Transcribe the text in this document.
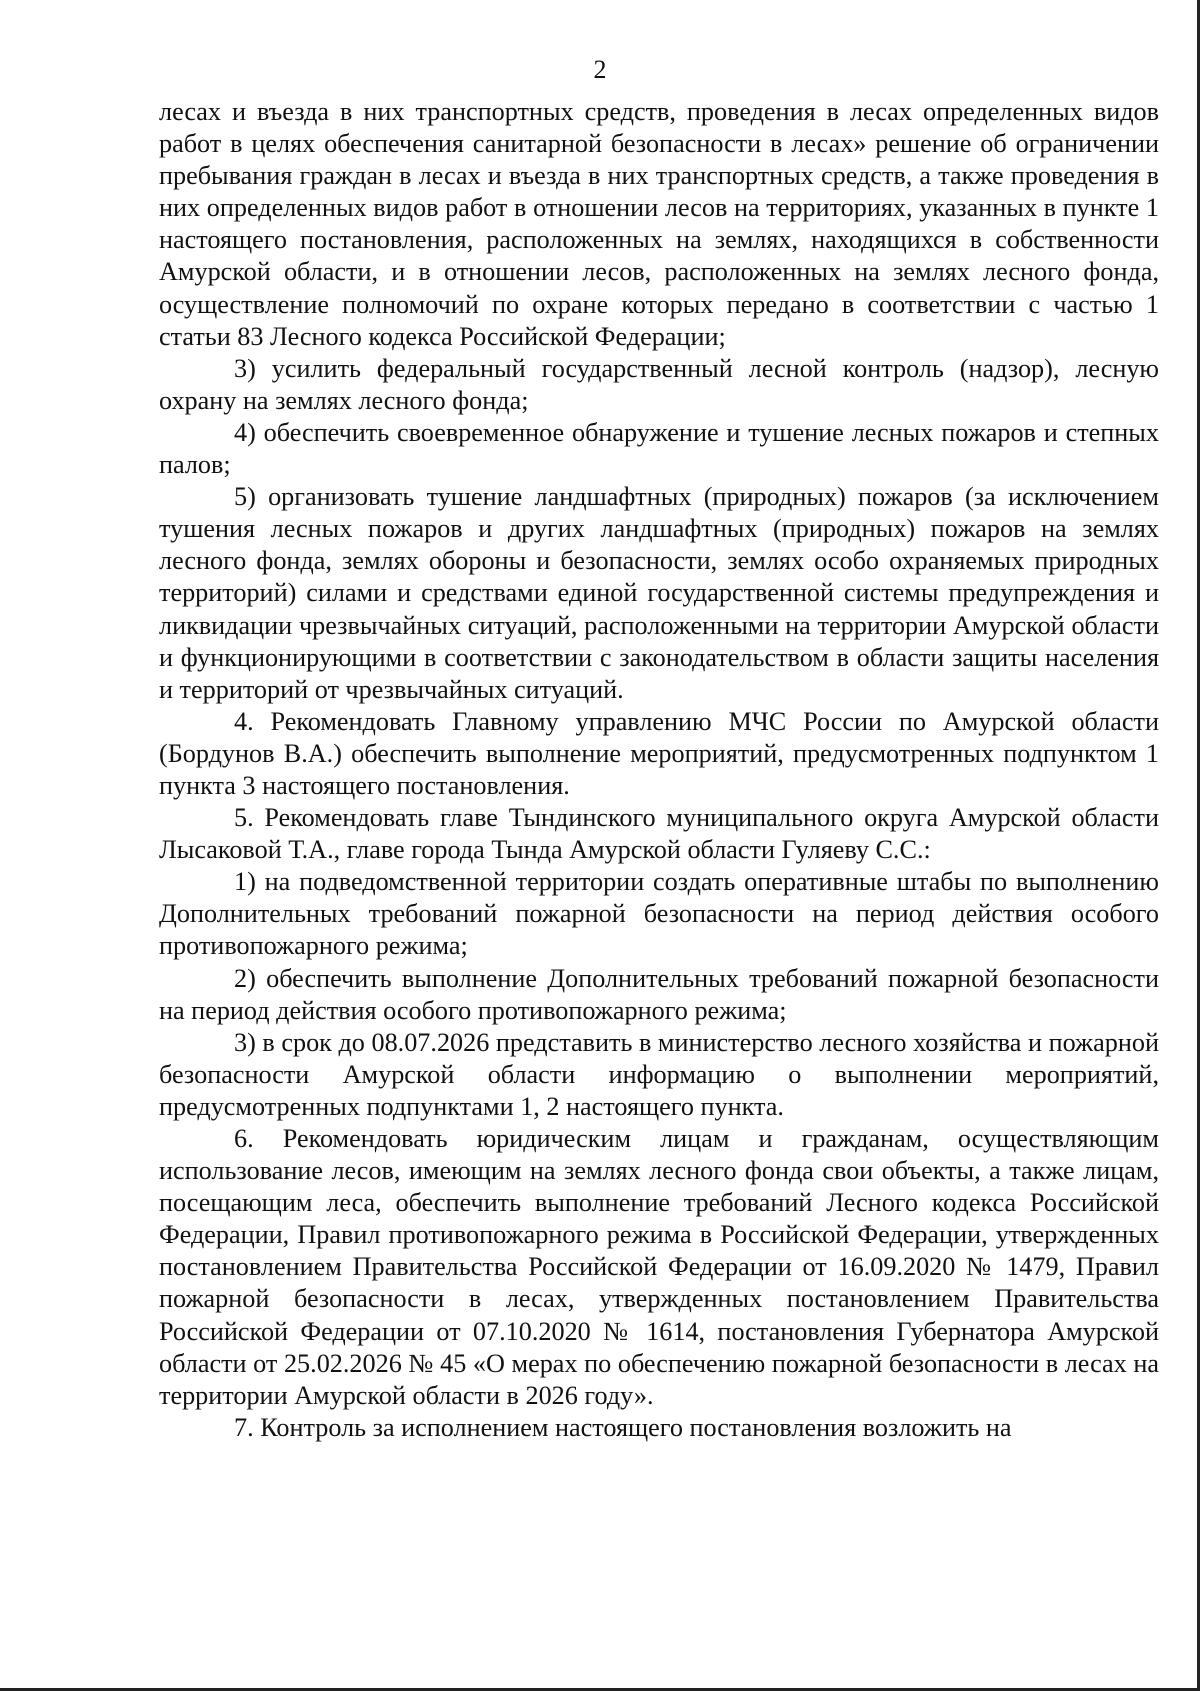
2

лесах и въезда в них транспортных средств, проведения в лесах определенных видов работ в целях обеспечения санитарной безопасности в лесах» решение об ограничении пребывания граждан в лесах и въезда в них транспортных средств, а также проведения в них определенных видов работ в отношении лесов на территориях, указанных в пункте 1 настоящего постановления, расположенных на землях, находящихся в собственности Амурской области, и в отношении лесов, расположенных на землях лесного фонда, осуществление полномочий по охране которых передано в соответствии с частью 1 статьи 83 Лесного кодекса Российской Федерации;

3) усилить федеральный государственный лесной контроль (надзор), лесную охрану на землях лесного фонда;

4) обеспечить своевременное обнаружение и тушение лесных пожаров и степных палов;

5) организовать тушение ландшафтных (природных) пожаров (за исключением тушения лесных пожаров и других ландшафтных (природных) пожаров на землях лесного фонда, землях обороны и безопасности, землях особо охраняемых природных территорий) силами и средствами единой государственной системы предупреждения и ликвидации чрезвычайных ситуаций, расположенными на территории Амурской области и функционирующими в соответствии с законодательством в области защиты населения и территорий от чрезвычайных ситуаций.

4. Рекомендовать Главному управлению МЧС России по Амурской области (Бордунов В.А.) обеспечить выполнение мероприятий, предусмотренных подпунктом 1 пункта 3 настоящего постановления.

5. Рекомендовать главе Тындинского муниципального округа Амурской области Лысаковой Т.А., главе города Тында Амурской области Гуляеву С.С.:

1) на подведомственной территории создать оперативные штабы по выполнению Дополнительных требований пожарной безопасности на период действия особого противопожарного режима;

2) обеспечить выполнение Дополнительных требований пожарной безопасности на период действия особого противопожарного режима;

3) в срок до 08.07.2026 представить в министерство лесного хозяйства и пожарной безопасности Амурской области информацию о выполнении мероприятий, предусмотренных подпунктами 1, 2 настоящего пункта.

6. Рекомендовать юридическим лицам и гражданам, осуществляющим использование лесов, имеющим на землях лесного фонда свои объекты, а также лицам, посещающим леса, обеспечить выполнение требований Лесного кодекса Российской Федерации, Правил противопожарного режима в Российской Федерации, утвержденных постановлением Правительства Российской Федерации от 16.09.2020 № 1479, Правил пожарной безопасности в лесах, утвержденных постановлением Правительства Российской Федерации от 07.10.2020 № 1614, постановления Губернатора Амурской области от 25.02.2026 № 45 «О мерах по обеспечению пожарной безопасности в лесах на территории Амурской области в 2026 году».

7. Контроль за исполнением настоящего постановления возложить на
